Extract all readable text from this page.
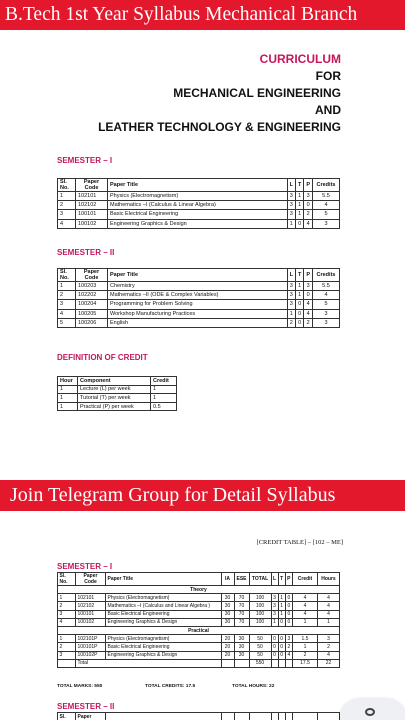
B.Tech 1st Year Syllabus Mechanical Branch
CURRICULUM
FOR
MECHANICAL ENGINEERING
AND
LEATHER TECHNOLOGY & ENGINEERING
SEMESTER – I
Sl. No.	Paper Code	Paper Title	L	T	P	Credits
1	102101	Physics (Electromagnetism)	3	1	3	5.5
2	102102	Mathematics –I (Calculus & Linear Algebra)	3	1	0	4
3	100101	Basic Electrical Engineering	3	1	2	5
4	100102	Engineering Graphics & Design	1	0	4	3
SEMESTER – II
Sl. No.	Paper Code	Paper Title	L	T	P	Credits
1	100203	Chemistry	3	1	3	5.5
2	102202	Mathematics –II (ODE & Complex Variables)	3	1	0	4
3	100204	Programming for Problem Solving	3	0	4	5
4	100205	Workshop Manufacturing Practices	1	0	4	3
5	100206	English	2	0	2	3
DEFINITION OF CREDIT
Hour	Component	Credit
1	Lecture (L) per week	1
1	Tutorial (T) per week	1
1	Practical (P) per week	0.5
Join Telegram Group for Detail Syllabus
[CREDIT TABLE] – [102 – ME]
SEMESTER – I
Sl. No.	Paper Code	Paper Title	IA	ESE	TOTAL	L	T	P	Credit	Hours
Theory										
1	102101	Physics (Electromagnetism)	30	70	100	3	1	0	4	4
2	102102	Mathematics –I (Calculus and Linear Algebra )	30	70	100	3	1	0	4	4
3	100101	Basic Electrical Engineering	30	70	100	3	1	0	4	4
4	100102	Engineering Graphics & Design	30	70	100	1	0	0	1	1
Practical										
1	102101P	Physics (Electromagnetism)	20	30	50	0	0	3	1.5	3
2	100101P	Basic Electrical Engineering	20	30	50	0	0	2	1	2
3	100102P	Engineering Graphics & Design	20	30	50	0	0	4	2	4
	Total				550				17.5	22
TOTAL MARKS: 550	TOTAL CREDITS: 17.5	TOTAL HOURS: 22
SEMESTER – II
Sl.	Paper									
